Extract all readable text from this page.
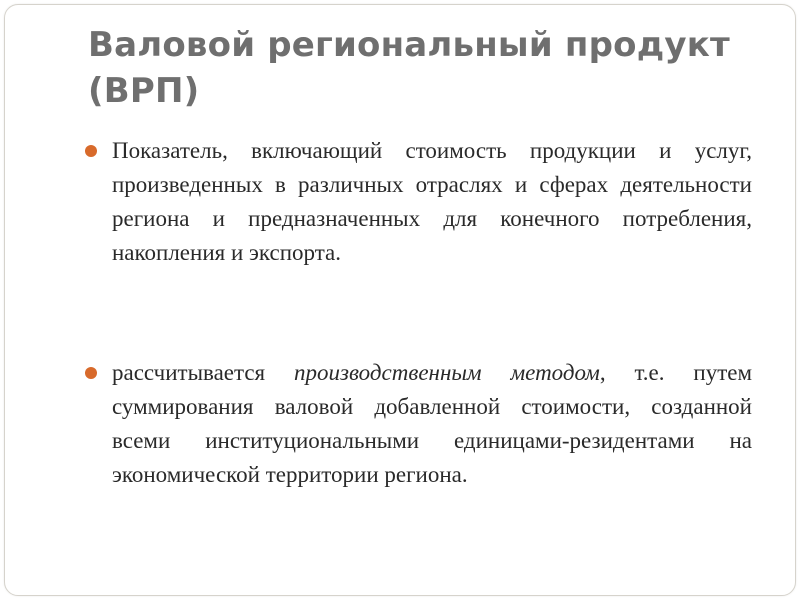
Валовой региональный продукт
(ВРП)
Показатель, включающий стоимость продукции и услуг, произведенных в различных отраслях и сферах деятельности региона и предназначенных для конечного потребления, накопления и экспорта.
рассчитывается производственным методом, т.е. путем суммирования валовой добавленной стоимости, созданной всеми институциональными единицами-резидентами на экономической территории региона.
